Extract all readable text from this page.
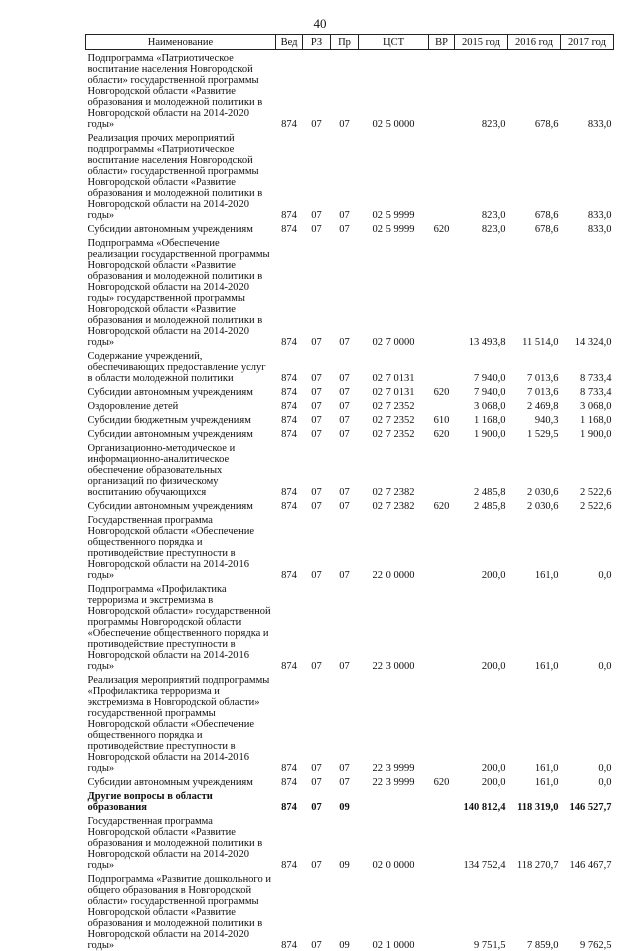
40
Наименование	Вед	РЗ	Пр	ЦСТ	ВР	2015 год	2016 год	2017 год
Подпрограмма «Патриотическое воспитание населения Новгородской области» государственной программы Новгородской области «Развитие образования и молодежной политики в Новгородской области на 2014-2020 годы»	874	07	07	02 5 0000		823,0	678,6	833,0
Реализация прочих мероприятий подпрограммы «Патриотическое воспитание населения Новгородской области» государственной программы Новгородской области «Развитие образования и молодежной политики в Новгородской области на 2014-2020 годы»	874	07	07	02 5 9999		823,0	678,6	833,0
Субсидии автономным учреждениям	874	07	07	02 5 9999	620	823,0	678,6	833,0
Подпрограмма «Обеспечение реализации государственной программы Новгородской области «Развитие образования и молодежной политики в Новгородской области на 2014-2020 годы» государственной программы Новгородской области «Развитие образования и молодежной политики в Новгородской области на 2014-2020 годы»	874	07	07	02 7 0000		13 493,8	11 514,0	14 324,0
Содержание учреждений, обеспечивающих предоставление услуг в области молодежной политики	874	07	07	02 7 0131		7 940,0	7 013,6	8 733,4
Субсидии автономным учреждениям	874	07	07	02 7 0131	620	7 940,0	7 013,6	8 733,4
Оздоровление детей	874	07	07	02 7 2352		3 068,0	2 469,8	3 068,0
Субсидии бюджетным учреждениям	874	07	07	02 7 2352	610	1 168,0	940,3	1 168,0
Субсидии автономным учреждениям	874	07	07	02 7 2352	620	1 900,0	1 529,5	1 900,0
Организационно-методическое и информационно-аналитическое обеспечение образовательных организаций по физическому воспитанию обучающихся	874	07	07	02 7 2382		2 485,8	2 030,6	2 522,6
Субсидии автономным учреждениям	874	07	07	02 7 2382	620	2 485,8	2 030,6	2 522,6
Государственная программа Новгородской области «Обеспечение общественного порядка и противодействие преступности в Новгородской области на 2014-2016 годы»	874	07	07	22 0 0000		200,0	161,0	0,0
Подпрограмма «Профилактика терроризма и экстремизма в Новгородской области» государственной программы Новгородской области «Обеспечение общественного порядка и противодействие преступности в Новгородской области на 2014-2016 годы»	874	07	07	22 3 0000		200,0	161,0	0,0
Реализация мероприятий подпрограммы «Профилактика терроризма и экстремизма в Новгородской области» государственной программы Новгородской области «Обеспечение общественного порядка и противодействие преступности в Новгородской области на 2014-2016 годы»	874	07	07	22 3 9999		200,0	161,0	0,0
Субсидии автономным учреждениям	874	07	07	22 3 9999	620	200,0	161,0	0,0
Другие вопросы в области образования	874	07	09			140 812,4	118 319,0	146 527,7
Государственная программа Новгородской области «Развитие образования и молодежной политики в Новгородской области на 2014-2020 годы»	874	07	09	02 0 0000		134 752,4	118 270,7	146 467,7
Подпрограмма «Развитие дошкольного и общего образования в Новгородской области» государственной программы Новгородской области «Развитие образования и молодежной политики в Новгородской области на 2014-2020 годы»	874	07	09	02 1 0000		9 751,5	7 859,0	9 762,5
